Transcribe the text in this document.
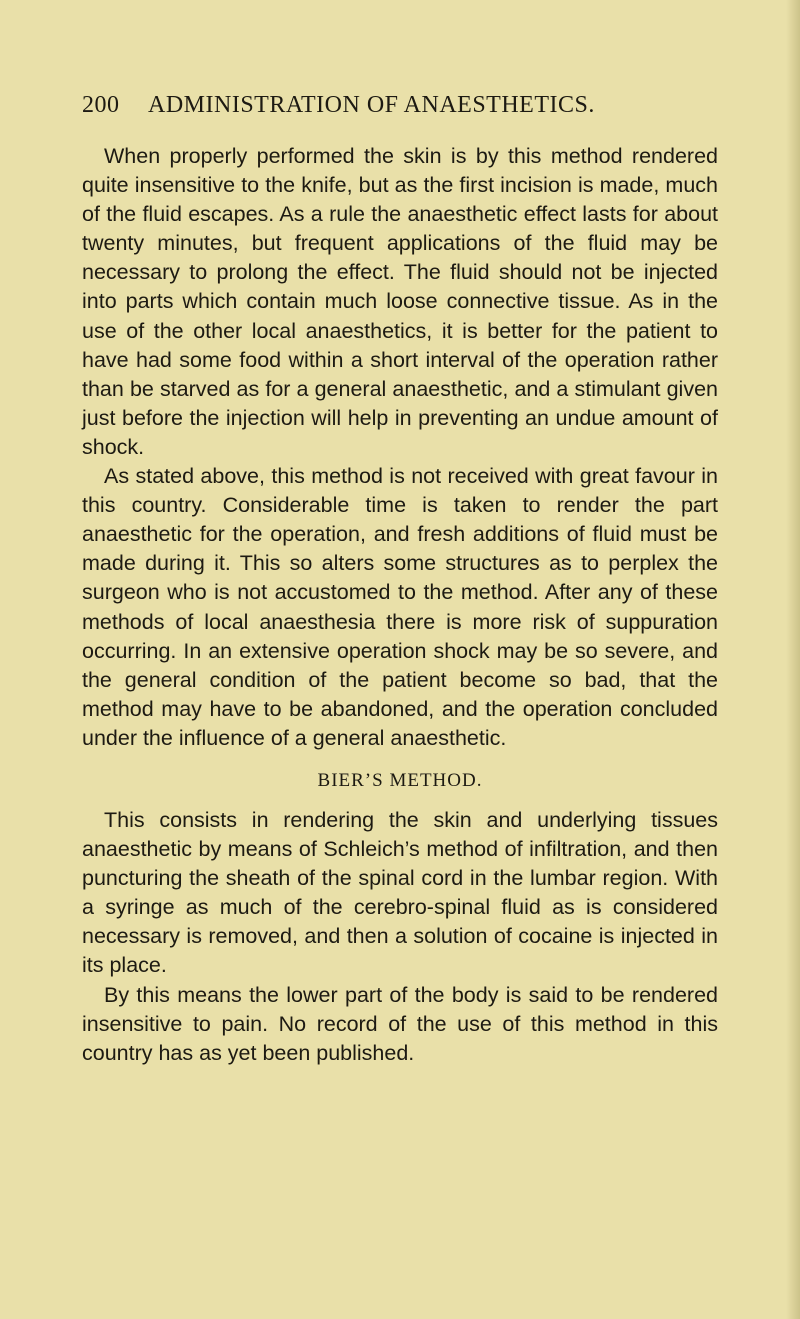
200 ADMINISTRATION OF ANAESTHETICS.

When properly performed the skin is by this method rendered quite insensitive to the knife, but as the first incision is made, much of the fluid escapes. As a rule the anaesthetic effect lasts for about twenty minutes, but frequent applications of the fluid may be necessary to prolong the effect. The fluid should not be injected into parts which contain much loose connective tissue. As in the use of the other local anaesthetics, it is better for the patient to have had some food within a short interval of the operation rather than be starved as for a general anaesthetic, and a stimulant given just before the injection will help in preventing an undue amount of shock.

As stated above, this method is not received with great favour in this country. Considerable time is taken to render the part anaesthetic for the operation, and fresh additions of fluid must be made during it. This so alters some structures as to perplex the surgeon who is not accustomed to the method. After any of these methods of local anaesthesia there is more risk of suppuration occurring. In an extensive operation shock may be so severe, and the general condition of the patient become so bad, that the method may have to be abandoned, and the operation concluded under the influence of a general anaesthetic.

BIER’S METHOD.

This consists in rendering the skin and underlying tissues anaesthetic by means of Schleich’s method of infiltration, and then puncturing the sheath of the spinal cord in the lumbar region. With a syringe as much of the cerebro-spinal fluid as is considered necessary is removed, and then a solution of cocaine is injected in its place.

By this means the lower part of the body is said to be rendered insensitive to pain. No record of the use of this method in this country has as yet been published.
